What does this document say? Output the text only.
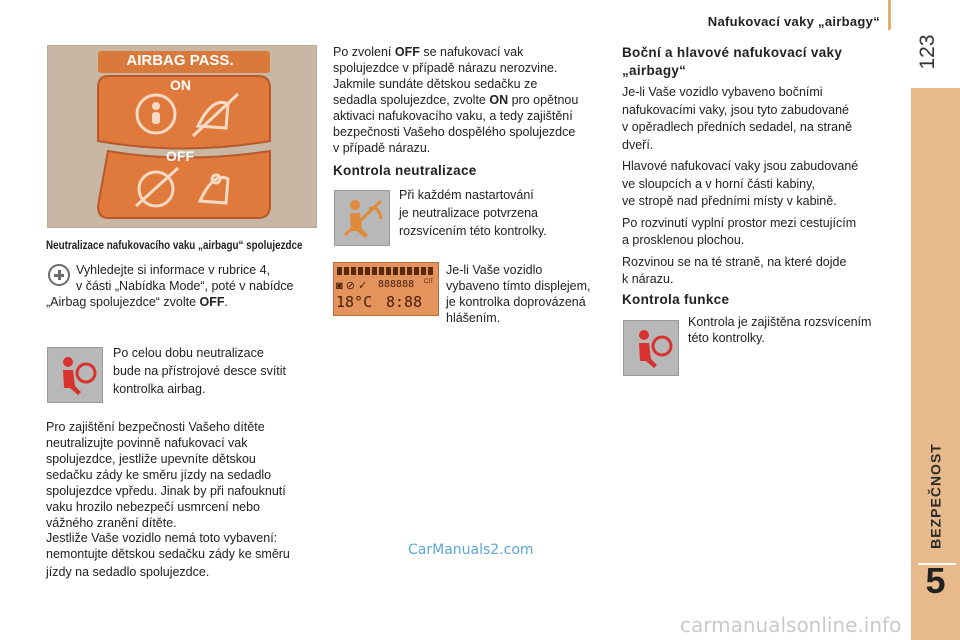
Nafukovací vaky „airbagy“
123
BEZPEČNOST
5
AIRBAG PASS.
ON
OFF
Neutralizace nafukovacího vaku „airbagu“ spolujezdce

Vyhledejte si informace v rubrice 4,

v části „Nabídka Mode“, poté v nabídce

„Airbag spolujezdce“ zvolte OFF.

Po celou dobu neutralizace

bude na přístrojové desce svítit

kontrolka airbag.

Pro zajištění bezpečnosti Vašeho dítěte

neutralizujte povinně nafukovací vak

spolujezdce, jestliže upevníte dětskou

sedačku zády ke směru jízdy na sedadlo

spolujezdce vpředu. Jinak by při nafouknutí

vaku hrozilo nebezpečí usmrcení nebo

vážného zranění dítěte.

Jestliže Vaše vozidlo nemá toto vybavení:

nemontujte dětskou sedačku zády ke směru

jízdy na sedadlo spolujezdce.

Po zvolení OFF se nafukovací vak

spolujezdce v případě nárazu nerozvine.

Jakmile sundáte dětskou sedačku ze

sedadla spolujezdce, zvolte ON pro opětnou

aktivaci nafukovacího vaku, a tedy zajištění

bezpečnosti Vašeho dospělého spolujezdce

v případě nárazu.

Kontrola neutralizace

Při každém nastartování

je neutralizace potvrzena

rozsvícením této kontrolky.

◙ ⊘ ✓ 888888	CIT
18°C 8:88

Je-li Vaše vozidlo

vybaveno tímto displejem,

je kontrolka doprovázená

hlášením.

Boční a hlavové nafukovací vaky

„airbagy“

Je-li Vaše vozidlo vybaveno bočními

nafukovacími vaky, jsou tyto zabudované

v opěradlech předních sedadel, na straně

dveří.

Hlavové nafukovací vaky jsou zabudované

ve sloupcích a v horní části kabiny,

ve stropě nad předními místy v kabině.

Po rozvinutí vyplní prostor mezi cestujícím

a prosklenou plochou.

Rozvinou se na té straně, na které dojde

k nárazu.

Kontrola funkce

Kontrola je zajištěna rozsvícením

této kontrolky.

CarManuals2.com
carmanualsonline.info
